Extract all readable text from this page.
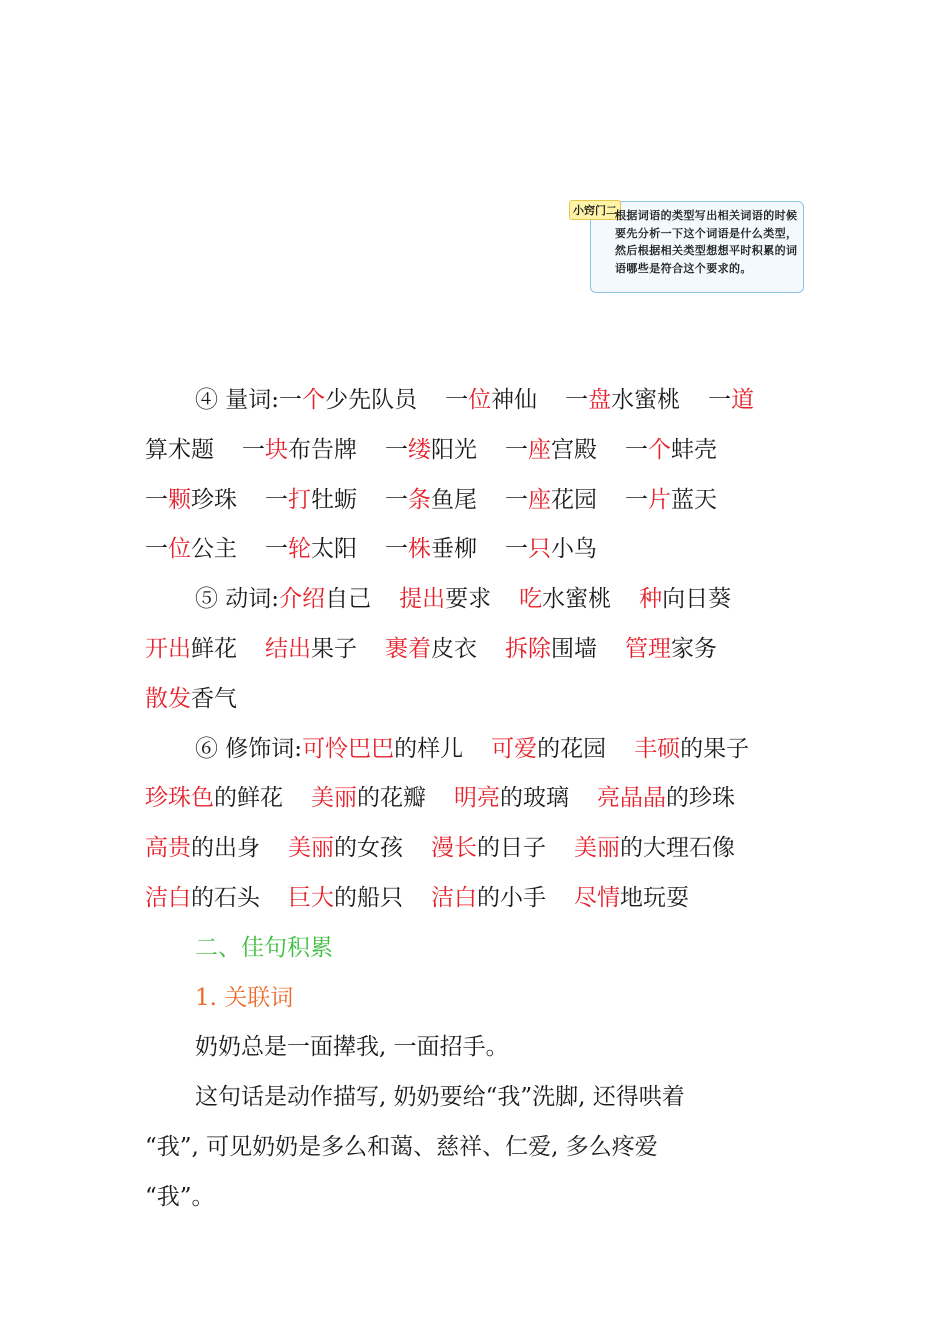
小窍门二
根据词语的类型写出相关词语的时候要先分析一下这个词语是什么类型，然后根据相关类型想想平时积累的词语哪些是符合这个要求的。
④ 量词:一个少先队员 一位神仙 一盘水蜜桃 一道
算术题 一块布告牌 一缕阳光 一座宫殿 一个蚌壳
一颗珍珠 一打牡蛎 一条鱼尾 一座花园 一片蓝天
一位公主 一轮太阳 一株垂柳 一只小鸟
⑤ 动词:介绍自己 提出要求 吃水蜜桃 种向日葵
开出鲜花 结出果子 裹着皮衣 拆除围墙 管理家务
散发香气
⑥ 修饰词:可怜巴巴的样儿 可爱的花园 丰硕的果子
珍珠色的鲜花 美丽的花瓣 明亮的玻璃 亮晶晶的珍珠
高贵的出身 美丽的女孩 漫长的日子 美丽的大理石像
洁白的石头 巨大的船只 洁白的小手 尽情地玩耍
二、佳句积累
1. 关联词
奶奶总是一面撵我, 一面招手。
这句话是动作描写, 奶奶要给“我”洗脚, 还得哄着
“我”, 可见奶奶是多么和蔼、慈祥、仁爱, 多么疼爱
“我”。
